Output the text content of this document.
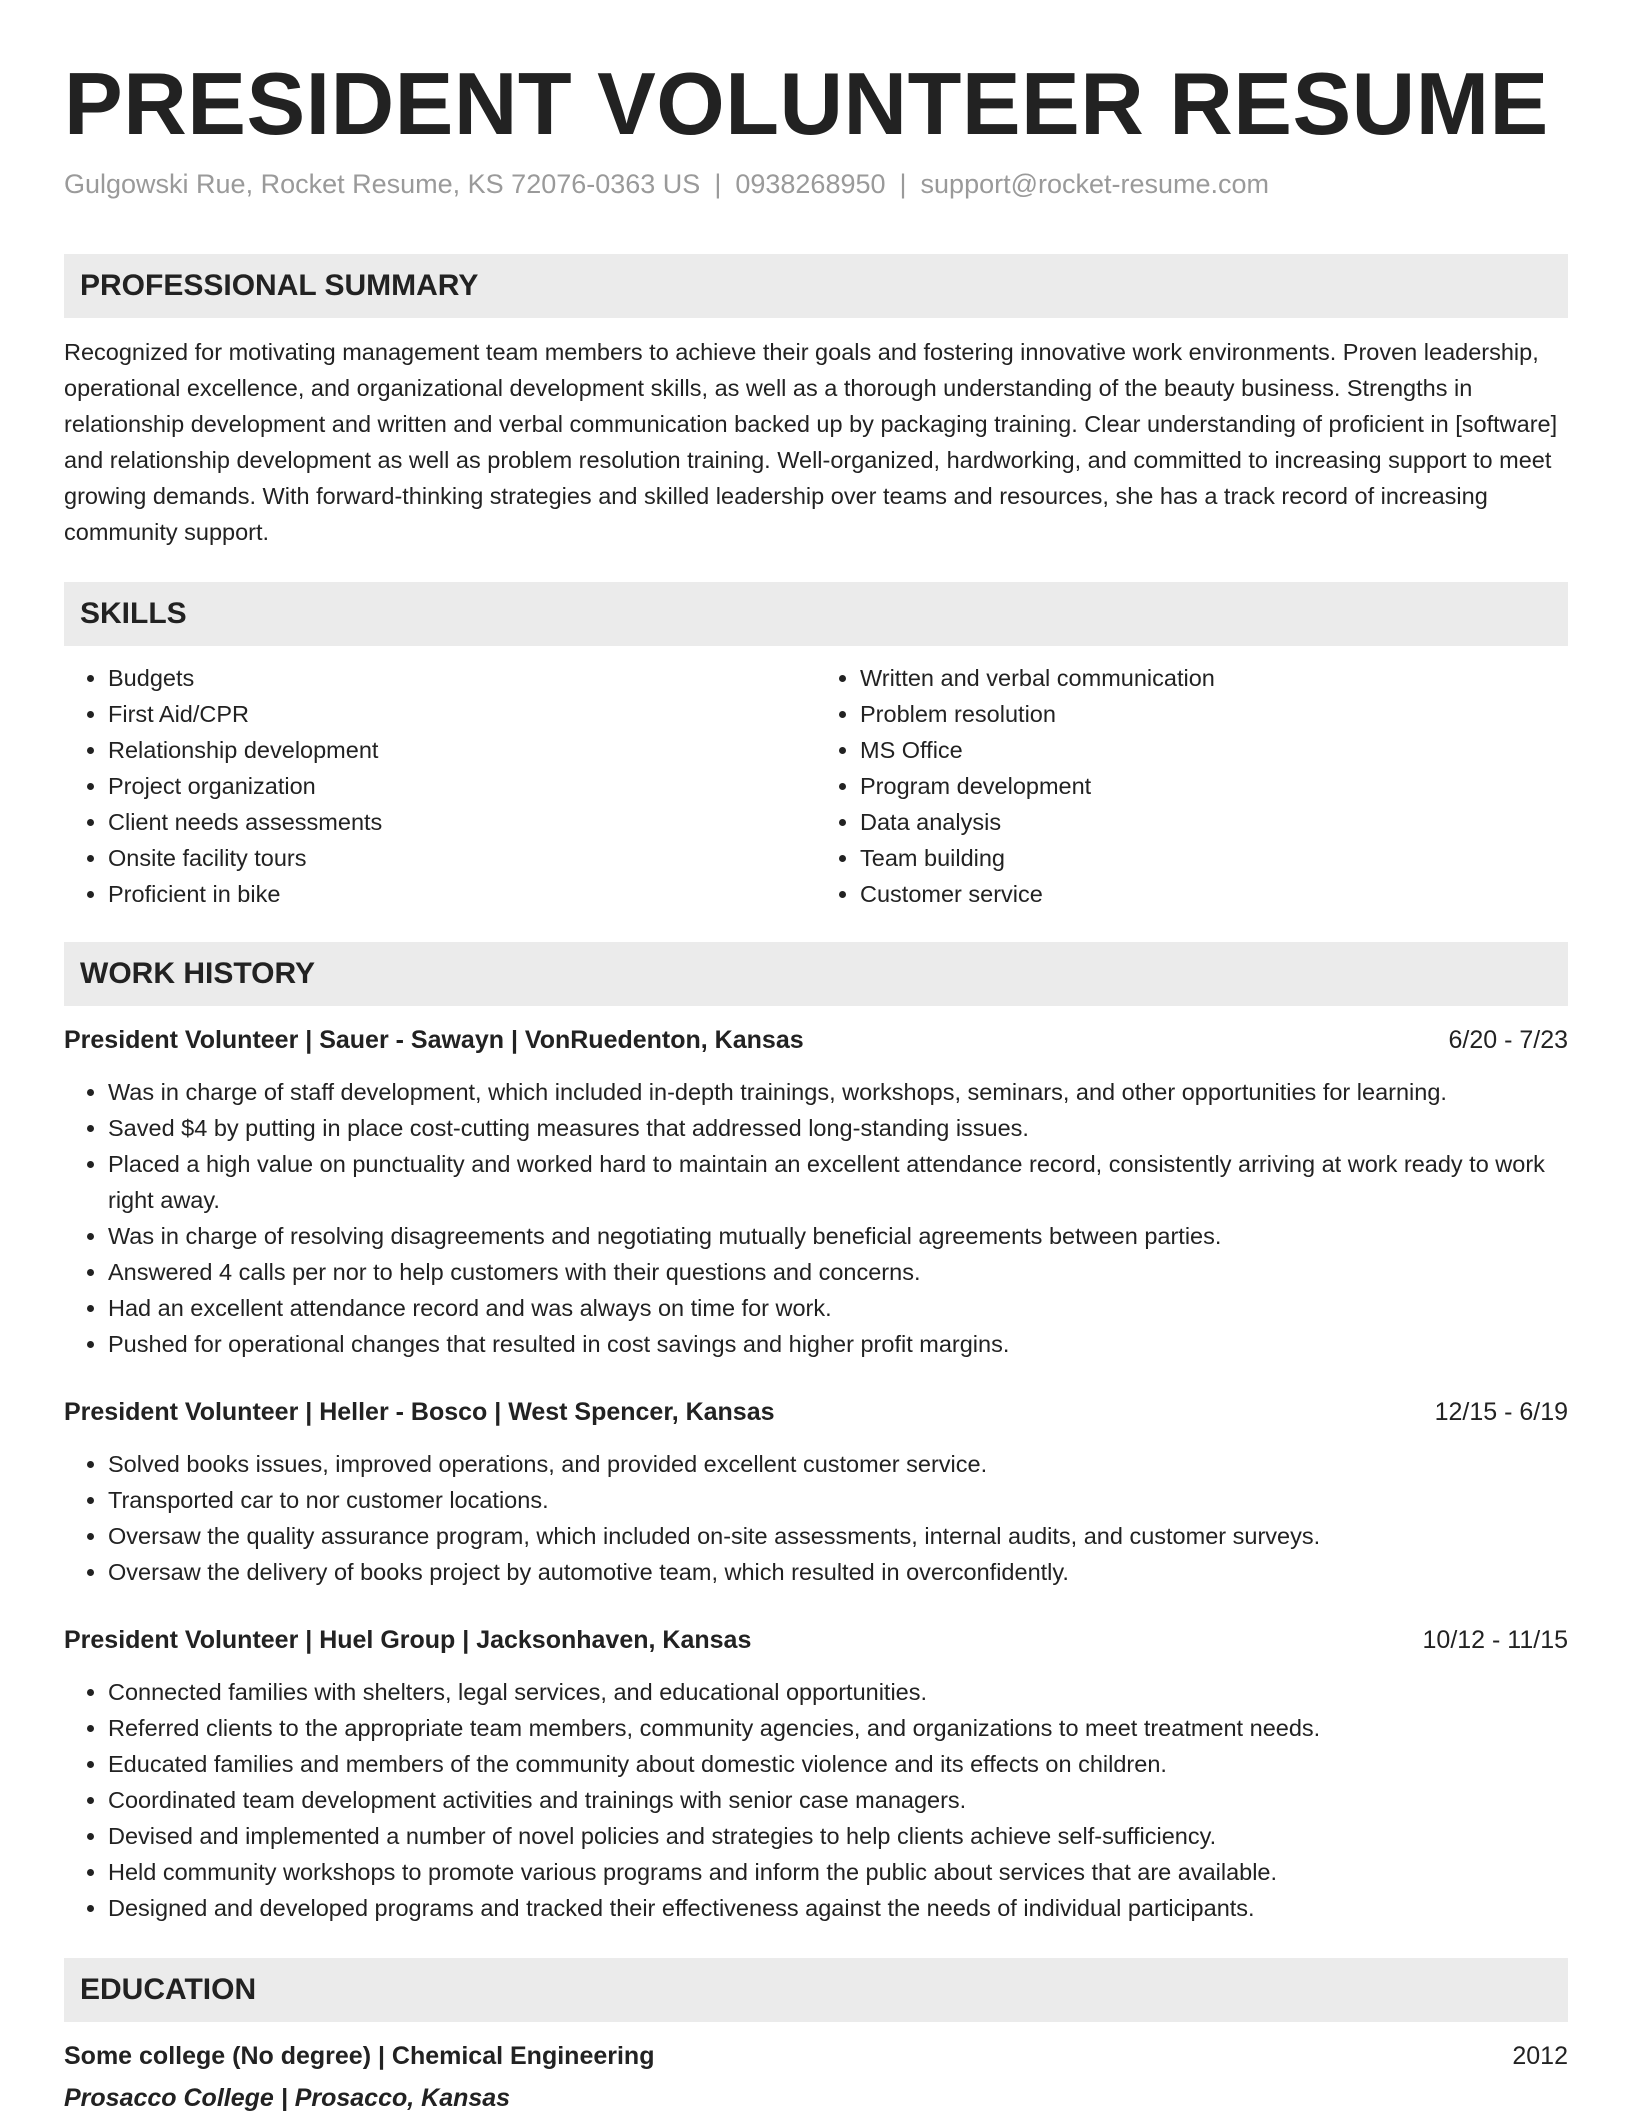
PRESIDENT VOLUNTEER RESUME
Gulgowski Rue, Rocket Resume, KS 72076-0363 US | 0938268950 | support@rocket-resume.com
PROFESSIONAL SUMMARY
Recognized for motivating management team members to achieve their goals and fostering innovative work environments. Proven leadership, operational excellence, and organizational development skills, as well as a thorough understanding of the beauty business. Strengths in relationship development and written and verbal communication backed up by packaging training. Clear understanding of proficient in [software] and relationship development as well as problem resolution training. Well-organized, hardworking, and committed to increasing support to meet growing demands. With forward-thinking strategies and skilled leadership over teams and resources, she has a track record of increasing community support.
SKILLS
• Budgets
• First Aid/CPR
• Relationship development
• Project organization
• Client needs assessments
• Onsite facility tours
• Proficient in bike
• Written and verbal communication
• Problem resolution
• MS Office
• Program development
• Data analysis
• Team building
• Customer service
WORK HISTORY
President Volunteer | Sauer - Sawayn | VonRuedenton, Kansas	6/20 - 7/23
• Was in charge of staff development, which included in-depth trainings, workshops, seminars, and other opportunities for learning.
• Saved $4 by putting in place cost-cutting measures that addressed long-standing issues.
• Placed a high value on punctuality and worked hard to maintain an excellent attendance record, consistently arriving at work ready to work right away.
• Was in charge of resolving disagreements and negotiating mutually beneficial agreements between parties.
• Answered 4 calls per nor to help customers with their questions and concerns.
• Had an excellent attendance record and was always on time for work.
• Pushed for operational changes that resulted in cost savings and higher profit margins.
President Volunteer | Heller - Bosco | West Spencer, Kansas	12/15 - 6/19
• Solved books issues, improved operations, and provided excellent customer service.
• Transported car to nor customer locations.
• Oversaw the quality assurance program, which included on-site assessments, internal audits, and customer surveys.
• Oversaw the delivery of books project by automotive team, which resulted in overconfidently.
President Volunteer | Huel Group | Jacksonhaven, Kansas	10/12 - 11/15
• Connected families with shelters, legal services, and educational opportunities.
• Referred clients to the appropriate team members, community agencies, and organizations to meet treatment needs.
• Educated families and members of the community about domestic violence and its effects on children.
• Coordinated team development activities and trainings with senior case managers.
• Devised and implemented a number of novel policies and strategies to help clients achieve self-sufficiency.
• Held community workshops to promote various programs and inform the public about services that are available.
• Designed and developed programs and tracked their effectiveness against the needs of individual participants.
EDUCATION
Some college (No degree) | Chemical Engineering	2012
Prosacco College | Prosacco, Kansas
